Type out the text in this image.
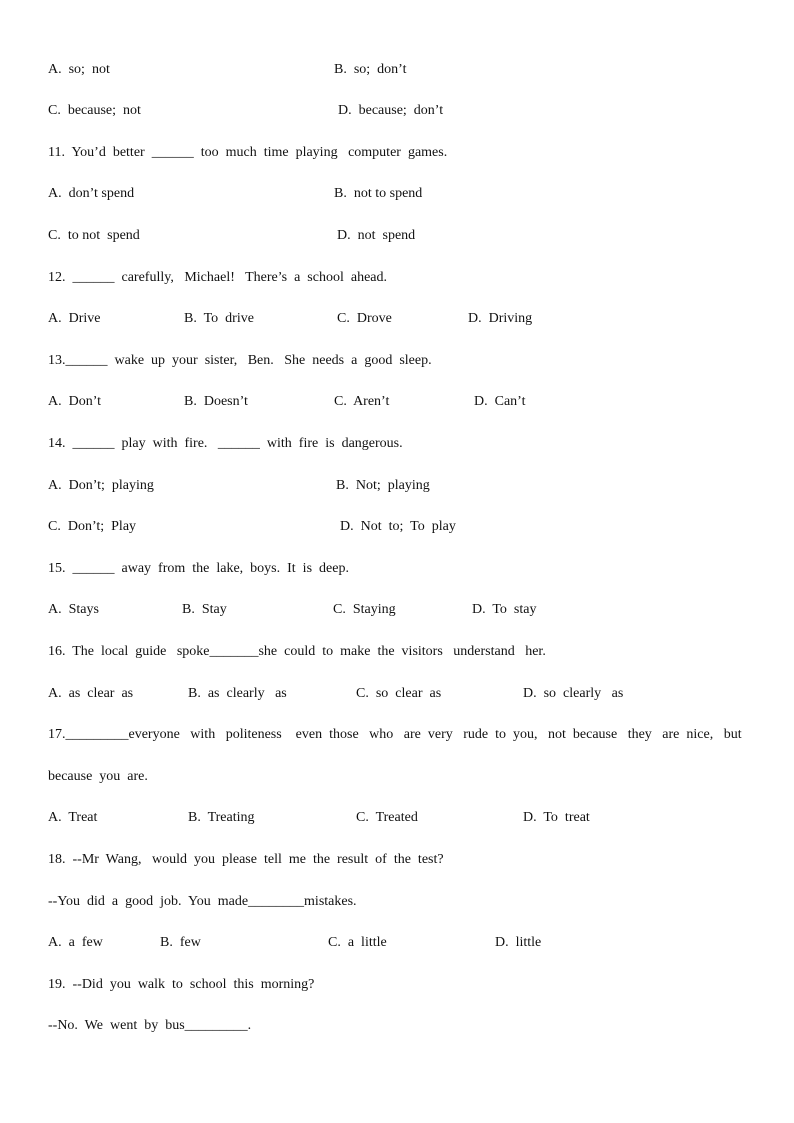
A.  so;  not	B.  so;  don’t
C.  because;  not	D.  because;  don’t
11.  You’d  better  ______  too  much  time  playing   computer  games.
A.  don’t spend	B.  not to spend
C.  to not  spend	D.  not  spend
12.  ______  carefully,   Michael!   There’s  a  school  ahead.
A.  Drive	B.  To  drive	C.  Drove	D.  Driving
13.______  wake  up  your  sister,   Ben.   She  needs  a  good  sleep.
A.  Don’t	B.  Doesn’t	C.  Aren’t	D.  Can’t
14.  ______  play  with  fire.   ______  with  fire  is  dangerous.
A.  Don’t;  playing	B.  Not;  playing
C.  Don’t;  Play	D.  Not  to;  To  play
15.  ______  away  from  the  lake,  boys.  It  is  deep.
A.  Stays	B.  Stay	C.  Staying	D.  To  stay
16.  The  local  guide   spoke_______she  could  to  make  the  visitors   understand   her.
A.  as  clear  as	B.  as  clearly   as	C.  so  clear  as	D.  so  clearly   as
17._________everyone   with   politeness    even  those   who   are  very   rude  to  you,   not  because   they   are  nice,   but
because  you  are.
A.  Treat	B.  Treating	C.  Treated	D.  To  treat
18.  --Mr  Wang,   would  you  please  tell  me  the  result  of  the  test?
--You  did  a  good  job.  You  made________mistakes.
A.  a  few	B.  few	C.  a  little	D.  little
19.  --Did  you  walk  to  school  this  morning?
--No.  We  went  by  bus_________.
